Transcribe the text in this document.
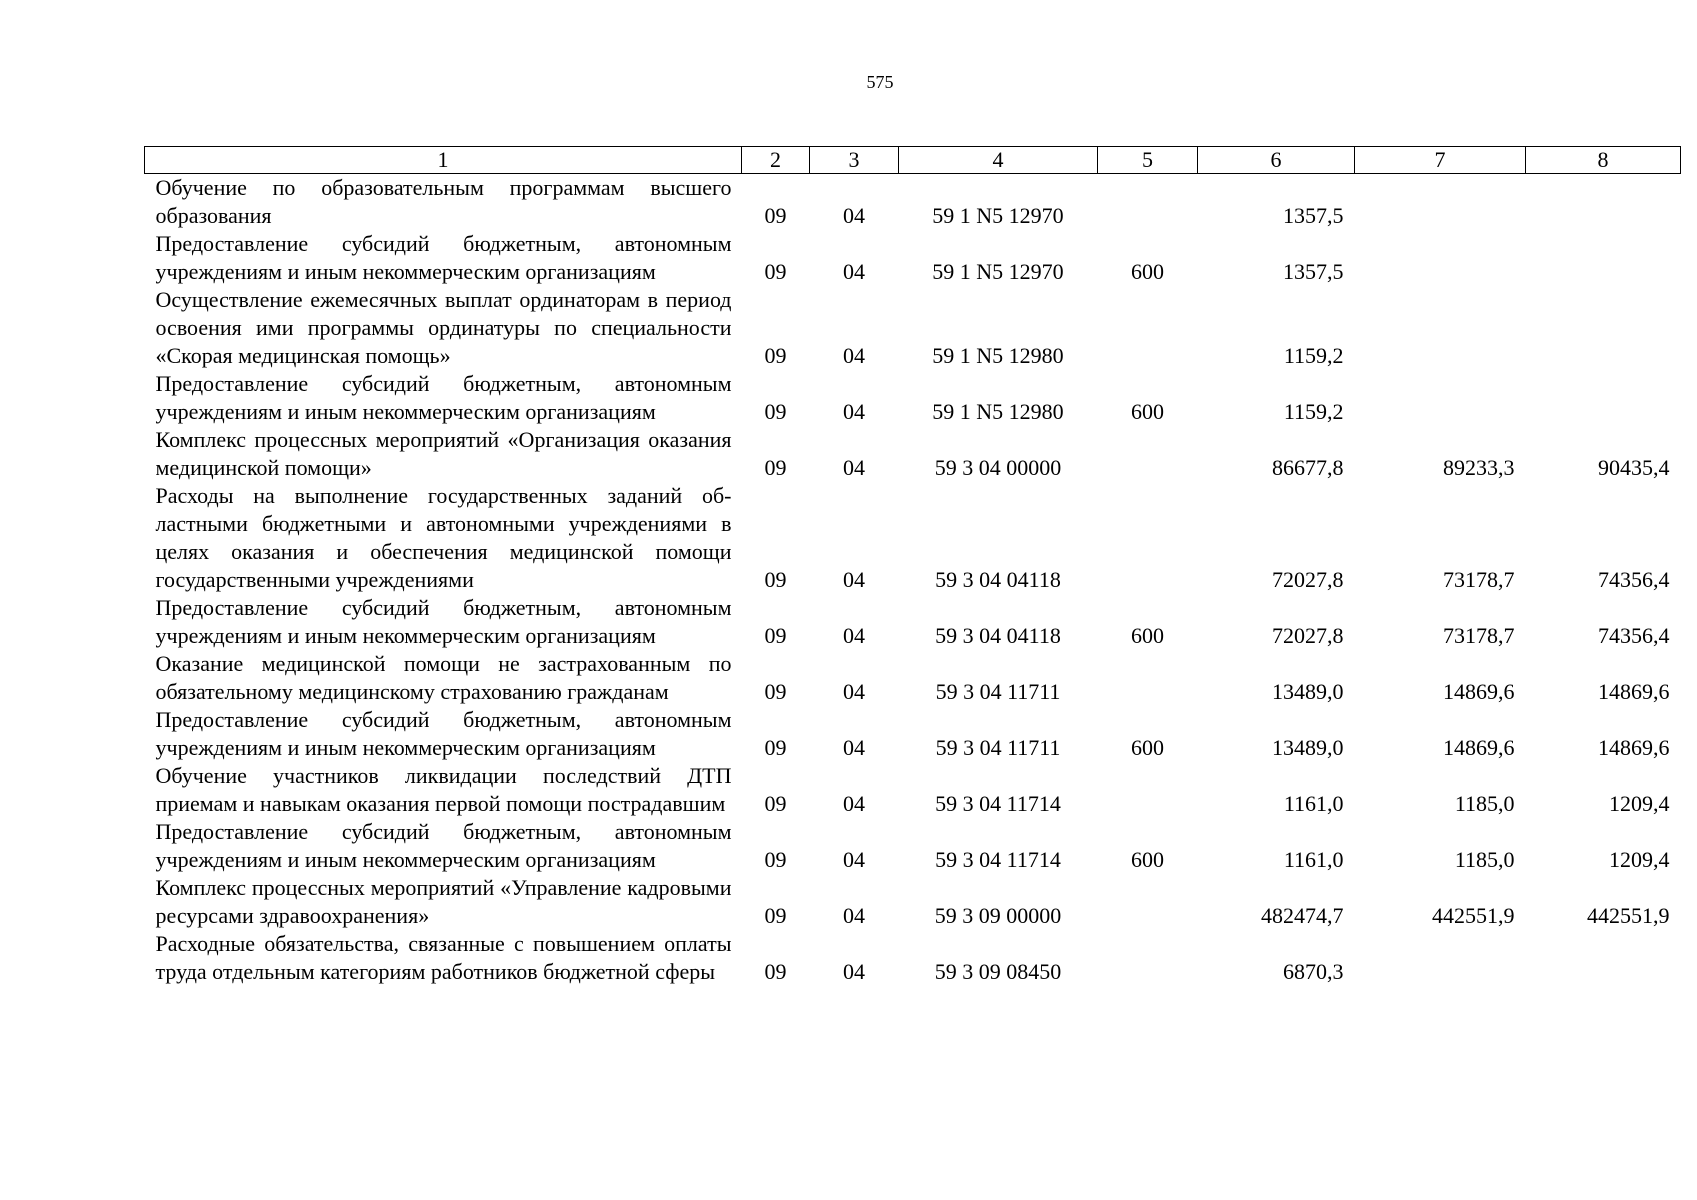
575
1	2	3	4	5	6	7	8
Обучение по образовательным программам высшего образования	09	04	59 1 N5 12970		1357,5		
Предоставление субсидий бюджетным, автономным учреждениям и иным некоммерческим организациям	09	04	59 1 N5 12970	600	1357,5		
Осуществление ежемесячных выплат ординаторам в период освоения ими программы ординатуры по специальности «Скорая медицинская помощь»	09	04	59 1 N5 12980		1159,2		
Предоставление субсидий бюджетным, автономным учреждениям и иным некоммерческим организациям	09	04	59 1 N5 12980	600	1159,2		
Комплекс процессных мероприятий «Организация оказания медицинской помощи»	09	04	59 3 04 00000		86677,8	89233,3	90435,4
Расходы на выполнение государственных заданий областными бюджетными и автономными учреждениями в целях оказания и обеспечения медицинской помощи государственными учреждениями	09	04	59 3 04 04118		72027,8	73178,7	74356,4
Предоставление субсидий бюджетным, автономным учреждениям и иным некоммерческим организациям	09	04	59 3 04 04118	600	72027,8	73178,7	74356,4
Оказание медицинской помощи не застрахованным по обязательному медицинскому страхованию гражданам	09	04	59 3 04 11711		13489,0	14869,6	14869,6
Предоставление субсидий бюджетным, автономным учреждениям и иным некоммерческим организациям	09	04	59 3 04 11711	600	13489,0	14869,6	14869,6
Обучение участников ликвидации последствий ДТП приемам и навыкам оказания первой помощи пострадавшим	09	04	59 3 04 11714		1161,0	1185,0	1209,4
Предоставление субсидий бюджетным, автономным учреждениям и иным некоммерческим организациям	09	04	59 3 04 11714	600	1161,0	1185,0	1209,4
Комплекс процессных мероприятий «Управление кадровыми ресурсами здравоохранения»	09	04	59 3 09 00000		482474,7	442551,9	442551,9
Расходные обязательства, связанные с повышением оплаты труда отдельным категориям работников бюджетной сферы	09	04	59 3 09 08450		6870,3		
